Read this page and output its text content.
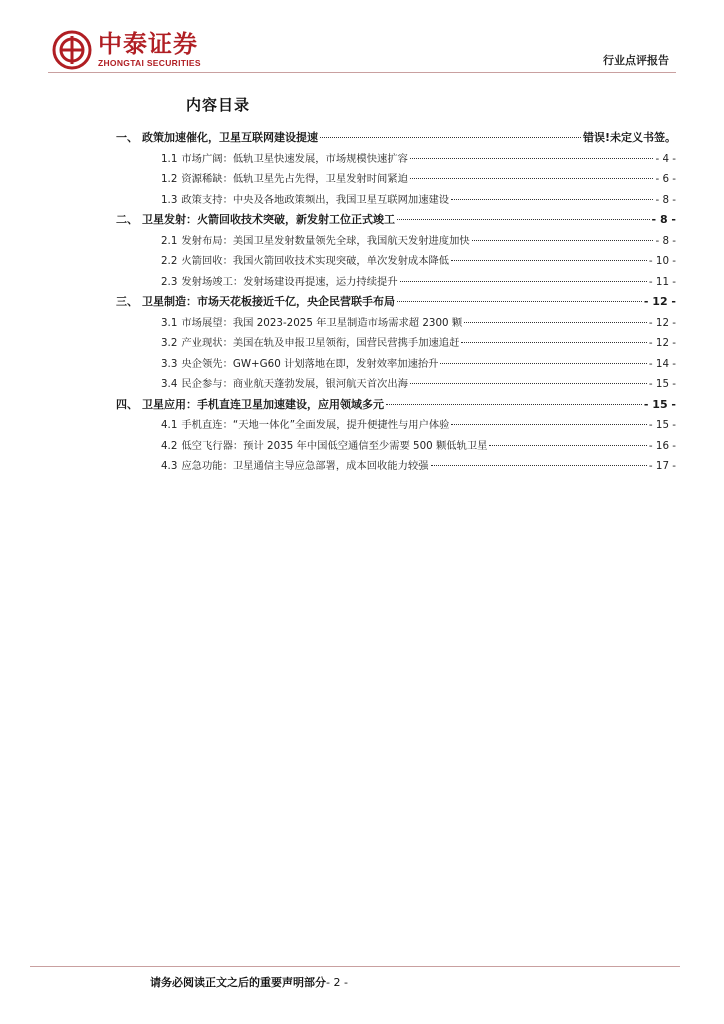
中泰证券
ZHONGTAI SECURITIES	行业点评报告
内容目录
一、 政策加速催化，卫星互联网建设提速	错误!未定义书签。
1.1 市场广阔：低轨卫星快速发展，市场规模快速扩容	- 4 -
1.2 资源稀缺：低轨卫星先占先得，卫星发射时间紧迫	- 6 -
1.3 政策支持：中央及各地政策频出，我国卫星互联网加速建设	- 8 -
二、 卫星发射：火箭回收技术突破，新发射工位正式竣工	- 8 -
2.1 发射布局：美国卫星发射数量领先全球，我国航天发射进度加快	- 8 -
2.2 火箭回收：我国火箭回收技术实现突破，单次发射成本降低	- 10 -
2.3 发射场竣工：发射场建设再提速，运力持续提升	- 11 -
三、 卫星制造：市场天花板接近千亿，央企民营联手布局	- 12 -
3.1 市场展望：我国 2023-2025 年卫星制造市场需求超 2300 颗	- 12 -
3.2 产业现状：美国在轨及申报卫星领衔，国营民营携手加速追赶	- 12 -
3.3 央企领先：GW+G60 计划落地在即，发射效率加速抬升	- 14 -
3.4 民企参与：商业航天蓬勃发展，银河航天首次出海	- 15 -
四、 卫星应用：手机直连卫星加速建设，应用领域多元	- 15 -
4.1 手机直连：“天地一体化”全面发展，提升便捷性与用户体验	- 15 -
4.2 低空飞行器：预计 2035 年中国低空通信至少需要 500 颗低轨卫星	- 16 -
4.3 应急功能：卫星通信主导应急部署，成本回收能力较强	- 17 -
请务必阅读正文之后的重要声明部分- 2 -
